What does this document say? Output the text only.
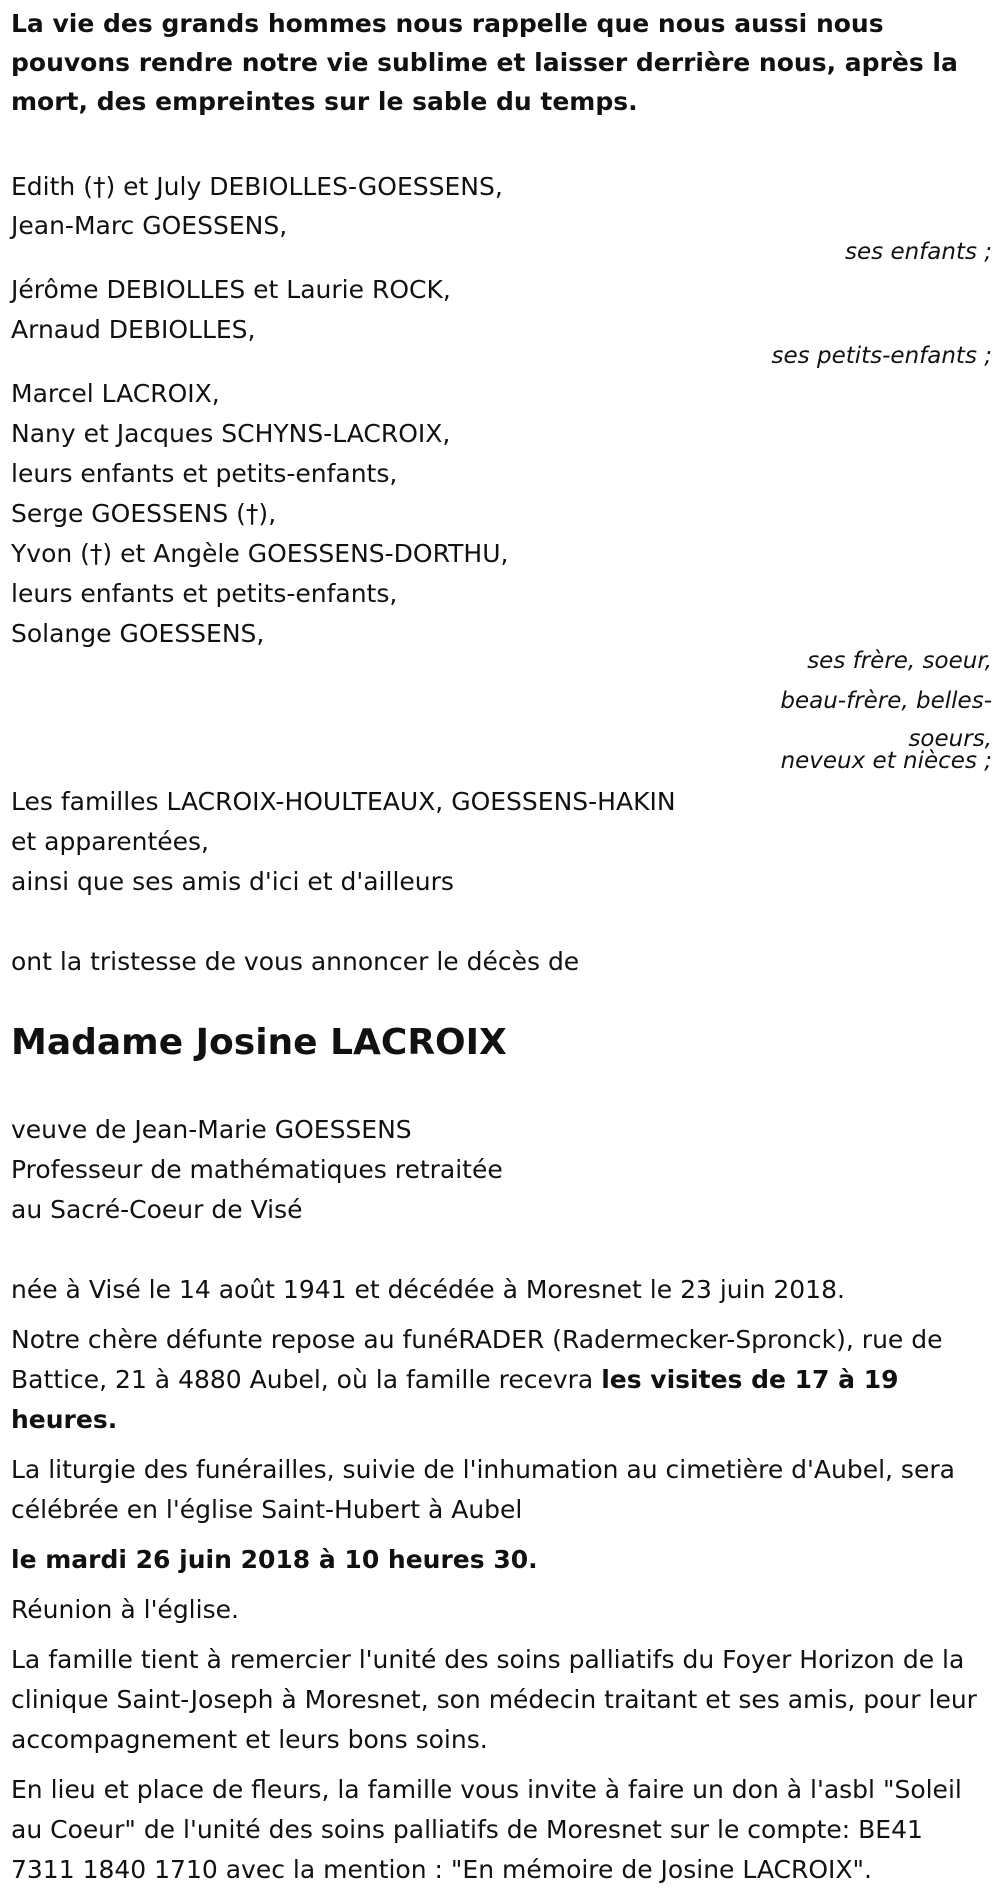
La vie des grands hommes nous rappelle que nous aussi nous pouvons rendre notre vie sublime et laisser derrière nous, après la mort, des empreintes sur le sable du temps.

Edith (†) et July DEBIOLLES-GOESSENS,

Jean-Marc GOESSENS,

ses enfants ;

Jérôme DEBIOLLES et Laurie ROCK,

Arnaud DEBIOLLES,

ses petits-enfants ;

Marcel LACROIX,

Nany et Jacques SCHYNS-LACROIX,

leurs enfants et petits-enfants,

Serge GOESSENS (†),

Yvon (†) et Angèle GOESSENS-DORTHU,

leurs enfants et petits-enfants,

Solange GOESSENS,

ses frère, soeur,
beau-frère, belles-
soeurs,
neveux et nièces ;

Les familles LACROIX-HOULTEAUX, GOESSENS-HAKIN

et apparentées,

ainsi que ses amis d'ici et d'ailleurs

ont la tristesse de vous annoncer le décès de

Madame Josine LACROIX

veuve de Jean-Marie GOESSENS

Professeur de mathématiques retraitée

au Sacré-Coeur de Visé

née à Visé le 14 août 1941 et décédée à Moresnet le 23 juin 2018.

Notre chère défunte repose au funéRADER (Radermecker-Spronck), rue de Battice, 21 à 4880 Aubel, où la famille recevra les visites de 17 à 19 heures.

La liturgie des funérailles, suivie de l'inhumation au cimetière d'Aubel, sera célébrée en l'église Saint-Hubert à Aubel

le mardi 26 juin 2018 à 10 heures 30.

Réunion à l'église.

La famille tient à remercier l'unité des soins palliatifs du Foyer Horizon de la clinique Saint-Joseph à Moresnet, son médecin traitant et ses amis, pour leur accompagnement et leurs bons soins.

En lieu et place de fleurs, la famille vous invite à faire un don à l'asbl "Soleil au Coeur" de l'unité des soins palliatifs de Moresnet sur le compte: BE41 7311 1840 1710 avec la mention : "En mémoire de Josine LACROIX".
